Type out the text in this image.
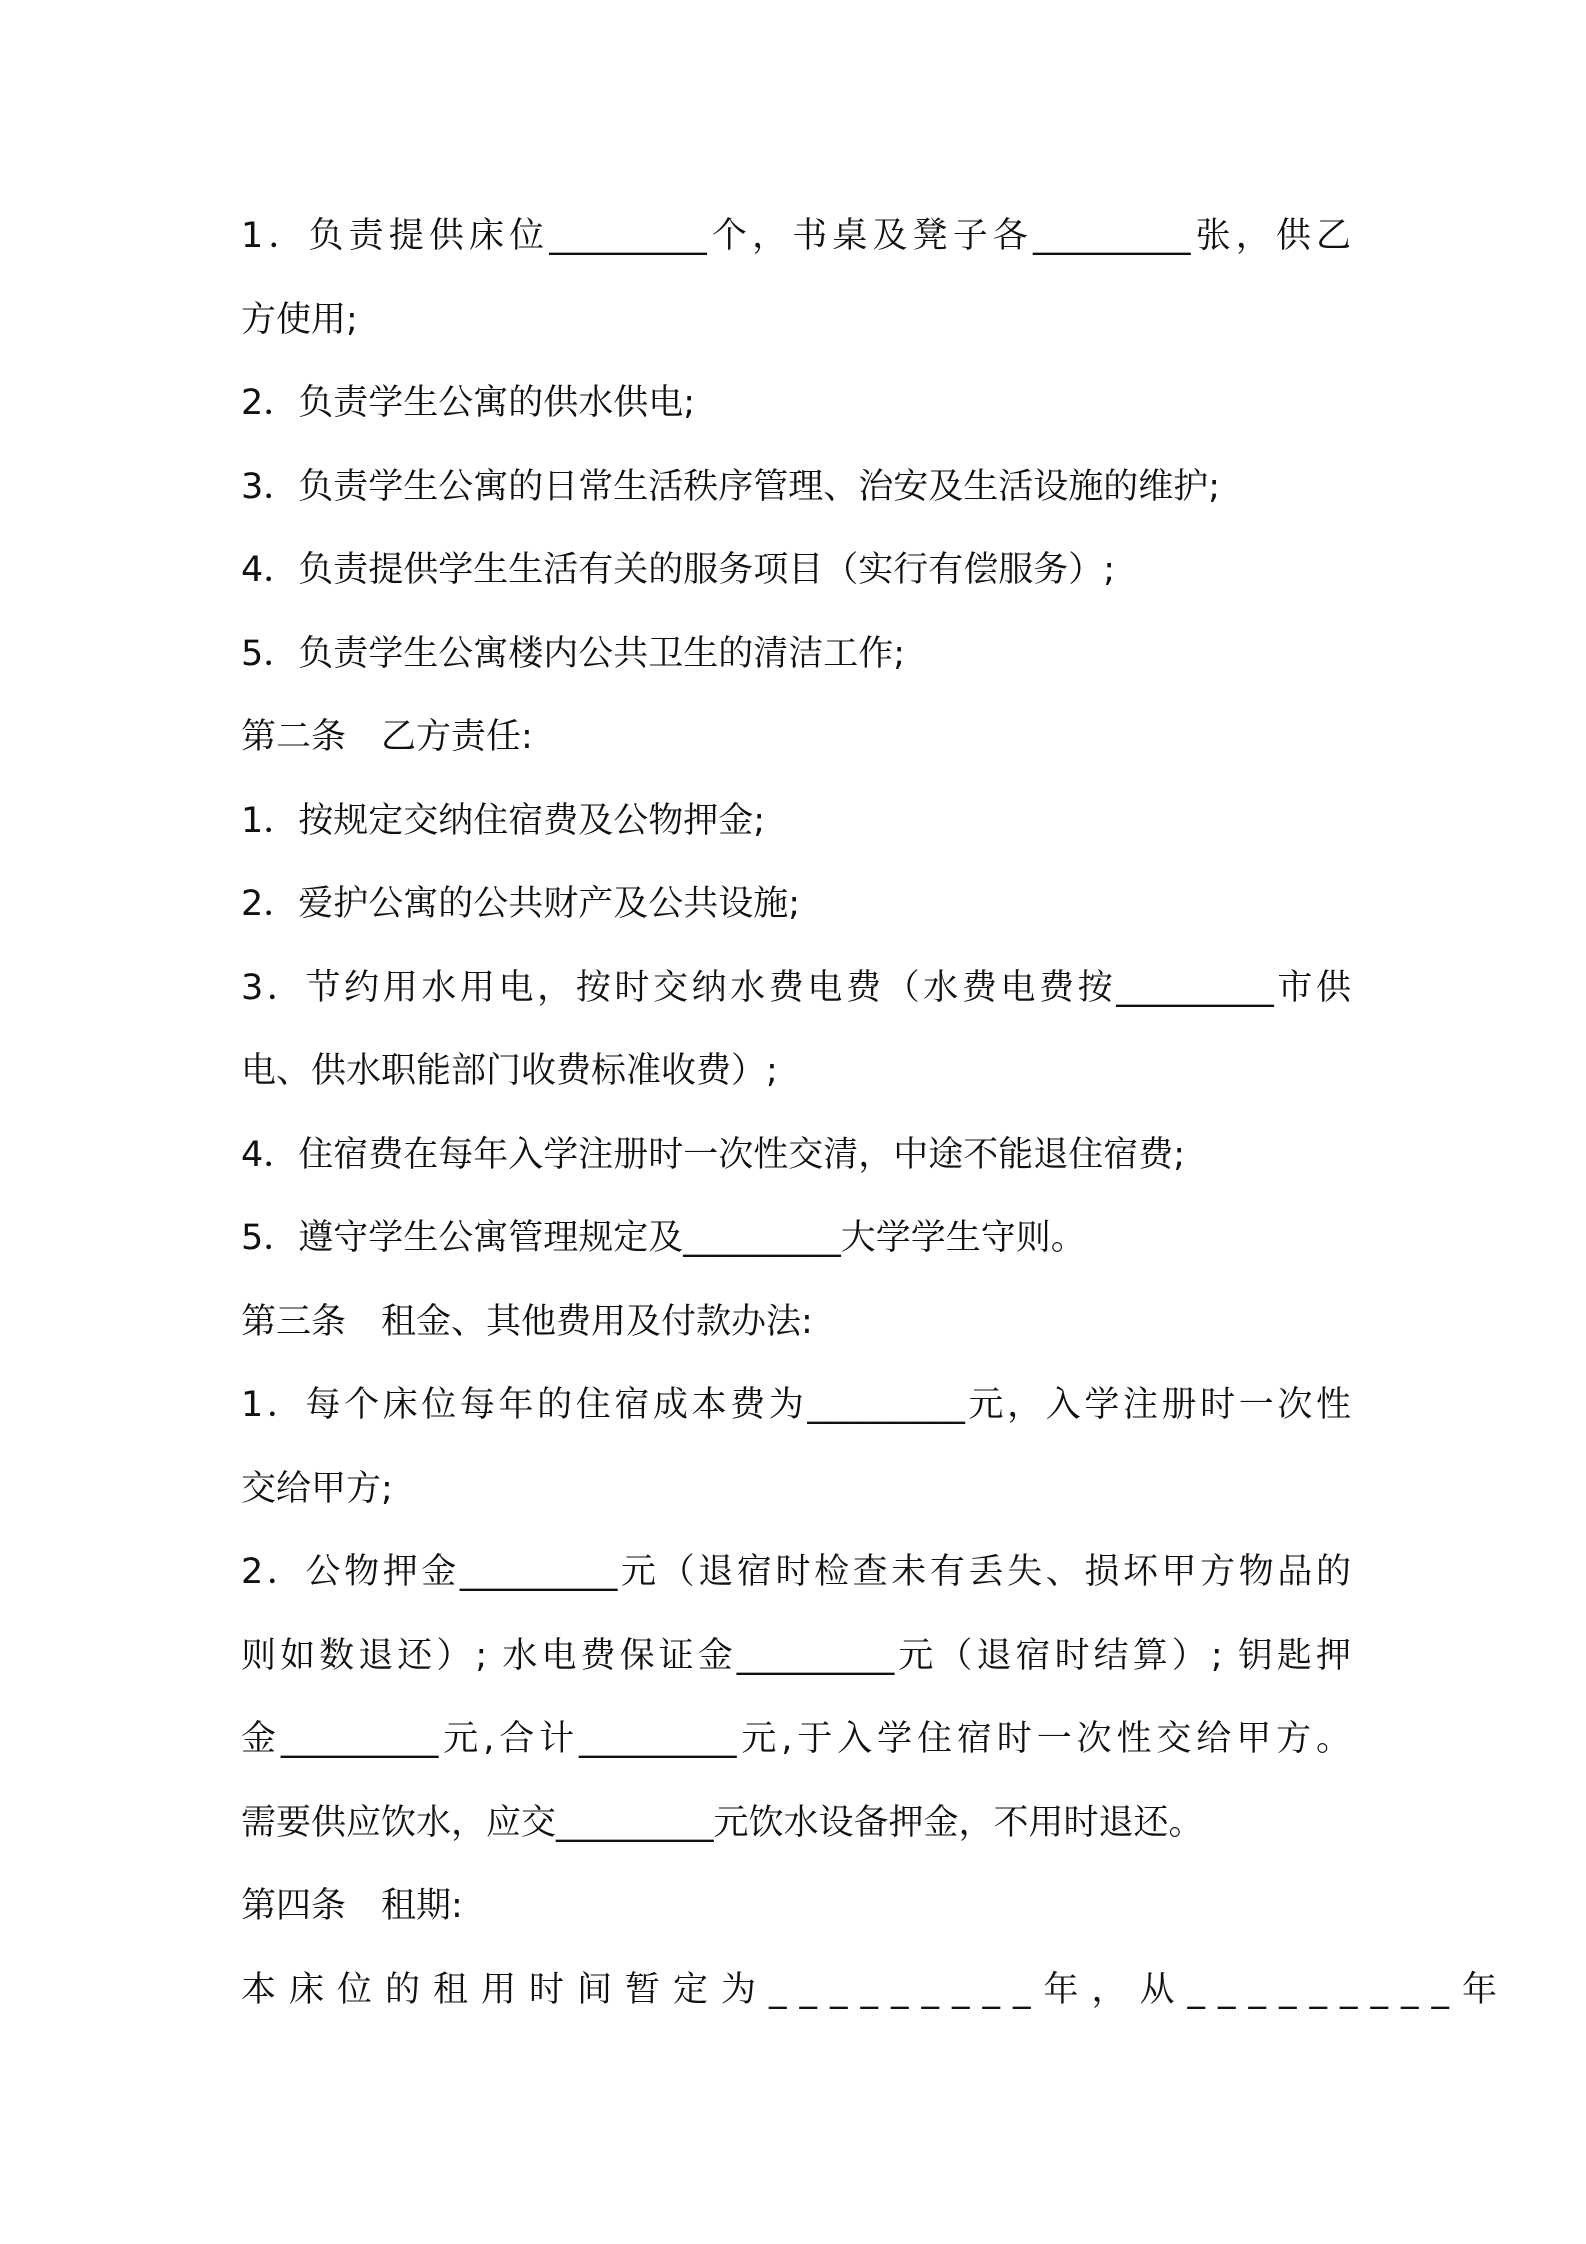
1．负责提供床位_________个，书桌及凳子各_________张，供乙
方使用;
2．负责学生公寓的供水供电;
3．负责学生公寓的日常生活秩序管理、治安及生活设施的维护;
4．负责提供学生生活有关的服务项目（实行有偿服务）;
5．负责学生公寓楼内公共卫生的清洁工作;
第二条　乙方责任:
1．按规定交纳住宿费及公物押金;
2．爱护公寓的公共财产及公共设施;
3．节约用水用电，按时交纳水费电费（水费电费按_________市供
电、供水职能部门收费标准收费）;
4．住宿费在每年入学注册时一次性交清，中途不能退住宿费;
5．遵守学生公寓管理规定及_________大学学生守则。
第三条　租金、其他费用及付款办法:
1．每个床位每年的住宿成本费为_________元，入学注册时一次性
交给甲方;
2．公物押金_________元（退宿时检查未有丢失、损坏甲方物品的
则如数退还）; 水电费保证金_________元（退宿时结算）; 钥匙押
金_________元,合计_________元,于入学住宿时一次性交给甲方。
需要供应饮水，应交_________元饮水设备押金，不用时退还。
第四条　租期:
本床位的租用时间暂定为_________年，从_________年
